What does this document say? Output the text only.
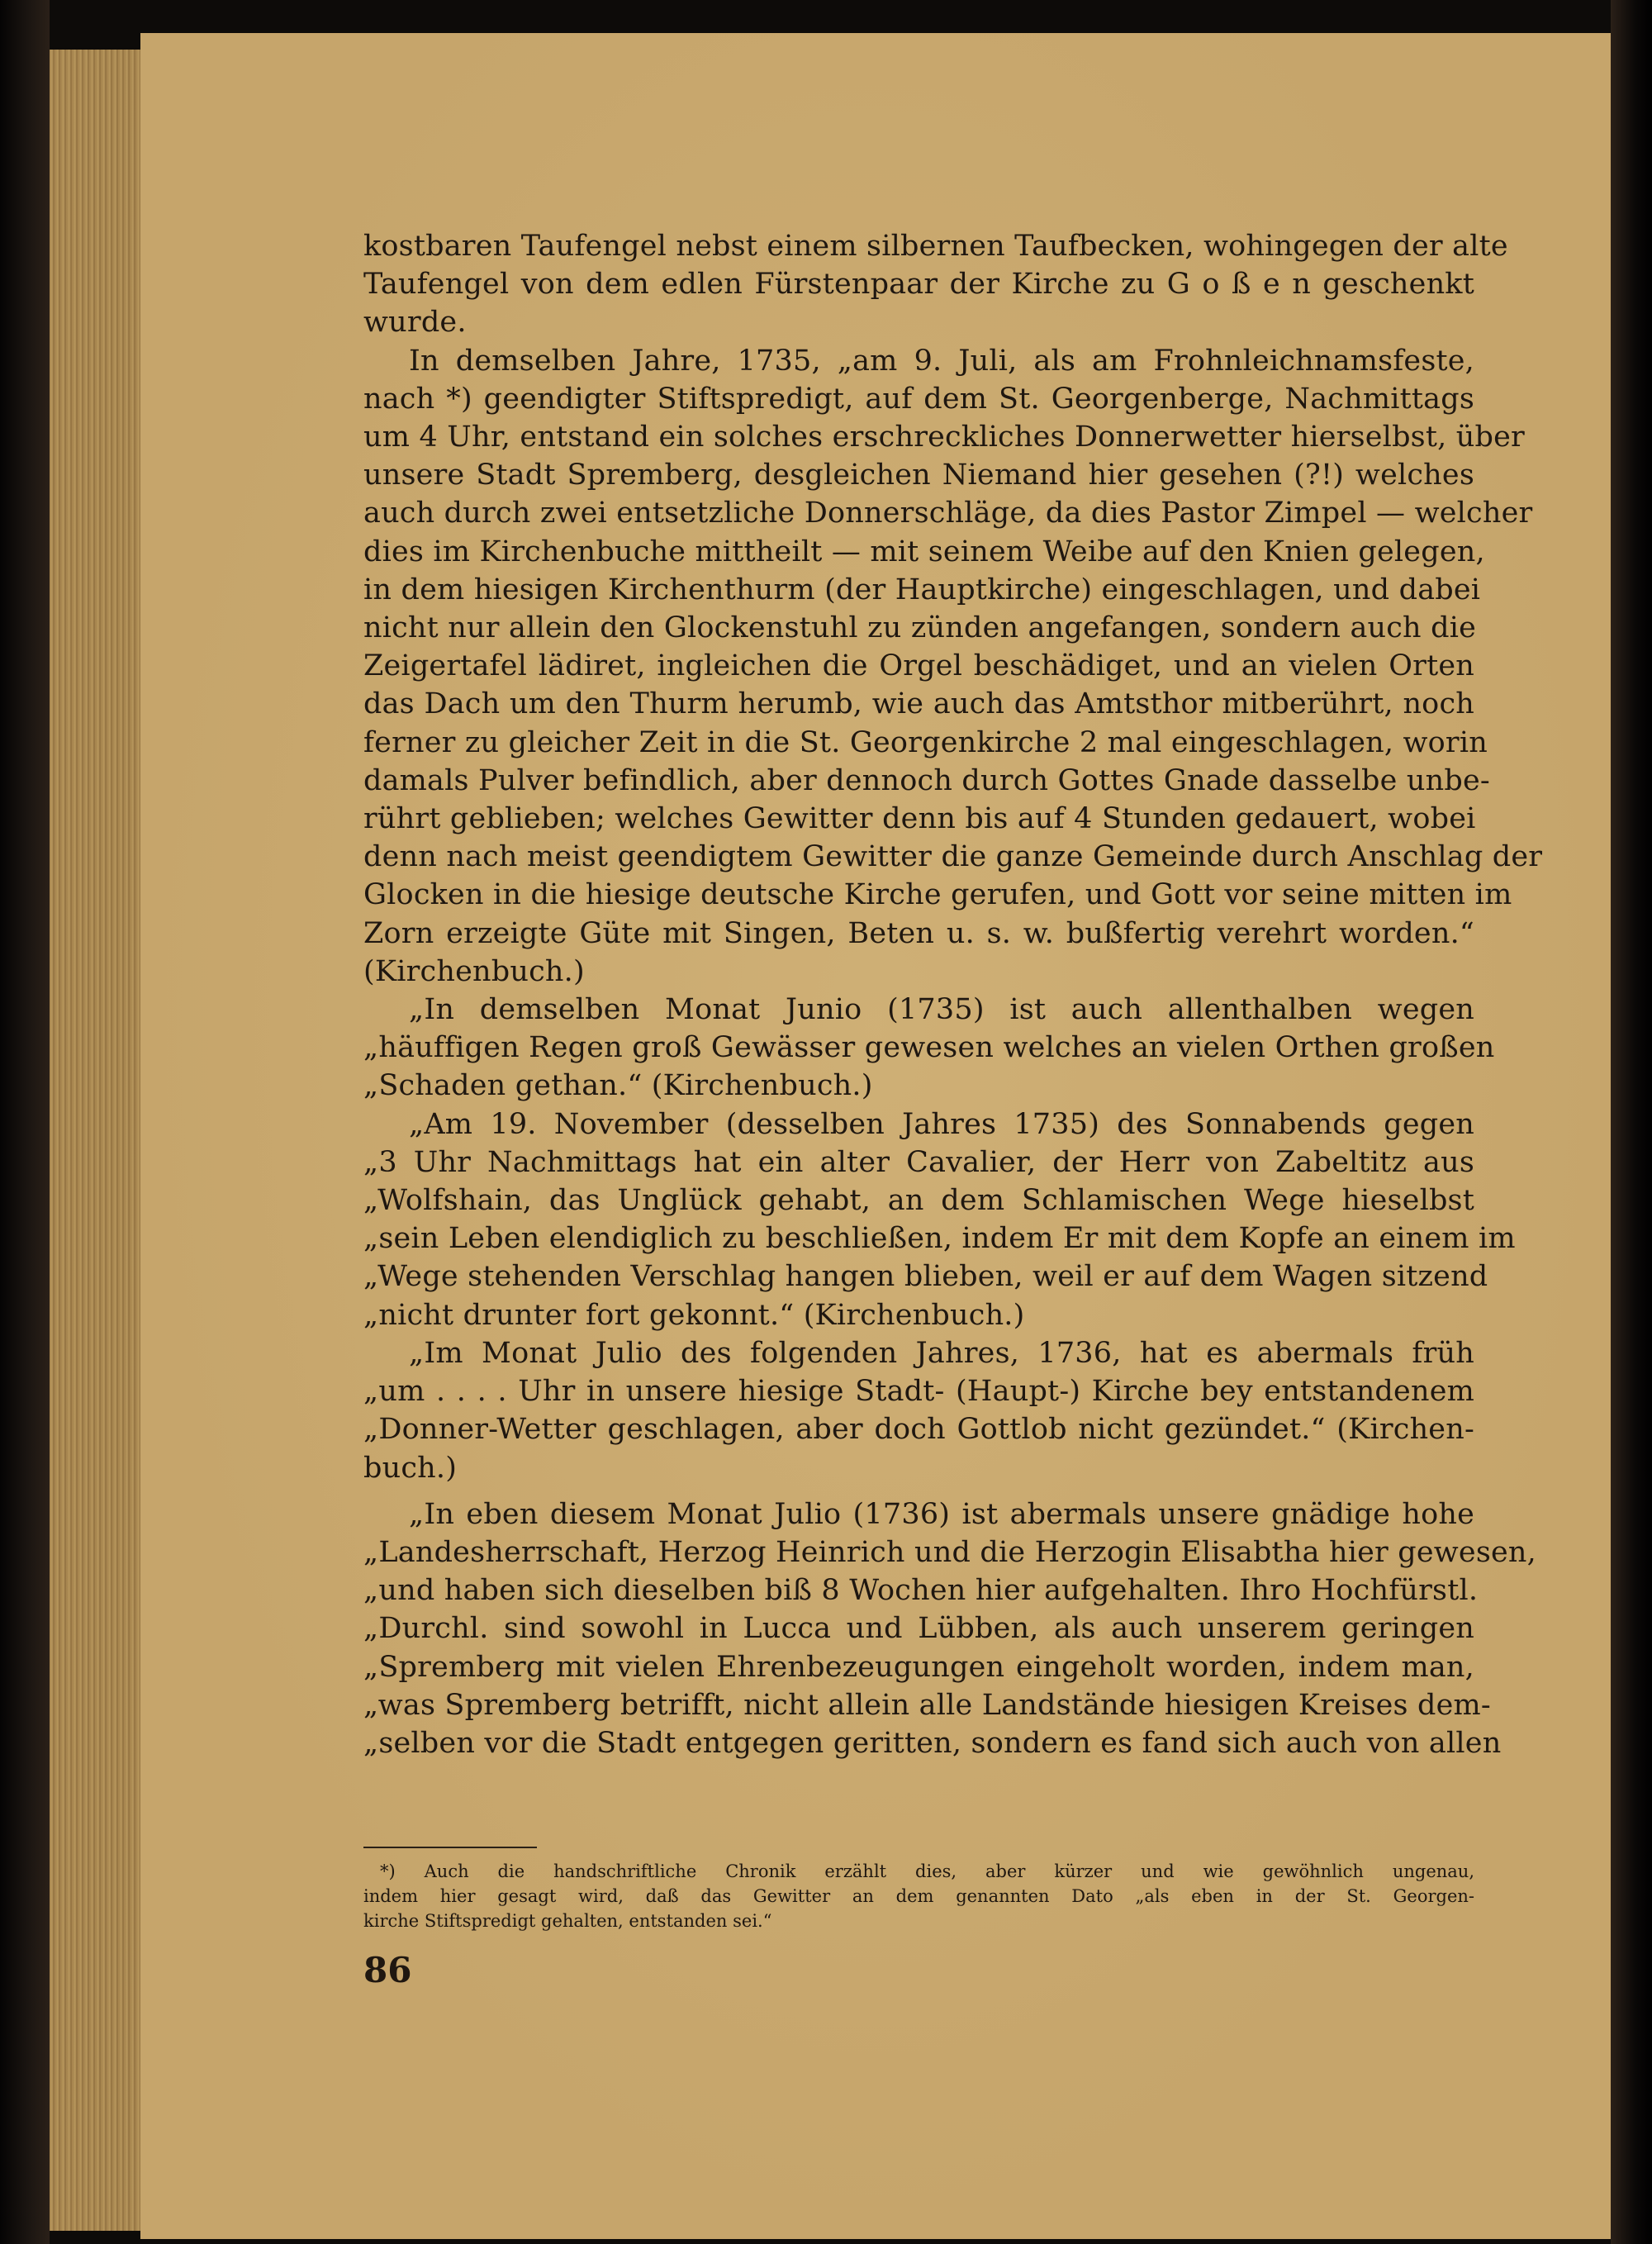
kostbaren Taufengel nebst einem silbernen Taufbecken, wohingegen der alte
Taufengel von dem edlen Fürstenpaar der Kirche zu G o ß e n geschenkt
wurde.
In demselben Jahre, 1735, „am 9. Juli, als am Frohnleichnamsfeste,
nach *) geendigter Stiftspredigt, auf dem St. Georgenberge, Nachmittags
um 4 Uhr, entstand ein solches erschreckliches Donnerwetter hierselbst, über
unsere Stadt Spremberg, desgleichen Niemand hier gesehen (?!) welches
auch durch zwei entsetzliche Donnerschläge, da dies Pastor Zimpel — welcher
dies im Kirchenbuche mittheilt — mit seinem Weibe auf den Knien gelegen,
in dem hiesigen Kirchenthurm (der Hauptkirche) eingeschlagen, und dabei
nicht nur allein den Glockenstuhl zu zünden angefangen, sondern auch die
Zeigertafel lädiret, ingleichen die Orgel beschädiget, und an vielen Orten
das Dach um den Thurm herumb, wie auch das Amtsthor mitberührt, noch
ferner zu gleicher Zeit in die St. Georgenkirche 2 mal eingeschlagen, worin
damals Pulver befindlich, aber dennoch durch Gottes Gnade dasselbe unbe-
rührt geblieben; welches Gewitter denn bis auf 4 Stunden gedauert, wobei
denn nach meist geendigtem Gewitter die ganze Gemeinde durch Anschlag der
Glocken in die hiesige deutsche Kirche gerufen, und Gott vor seine mitten im
Zorn erzeigte Güte mit Singen, Beten u. s. w. bußfertig verehrt worden.“
(Kirchenbuch.)
„In demselben Monat Junio (1735) ist auch allenthalben wegen
„häuffigen Regen groß Gewässer gewesen welches an vielen Orthen großen
„Schaden gethan.“ (Kirchenbuch.)
„Am 19. November (desselben Jahres 1735) des Sonnabends gegen
„3 Uhr Nachmittags hat ein alter Cavalier, der Herr von Zabeltitz aus
„Wolfshain, das Unglück gehabt, an dem Schlamischen Wege hieselbst
„sein Leben elendiglich zu beschließen, indem Er mit dem Kopfe an einem im
„Wege stehenden Verschlag hangen blieben, weil er auf dem Wagen sitzend
„nicht drunter fort gekonnt.“ (Kirchenbuch.)
„Im Monat Julio des folgenden Jahres, 1736, hat es abermals früh
„um . . . . Uhr in unsere hiesige Stadt- (Haupt-) Kirche bey entstandenem
„Donner-Wetter geschlagen, aber doch Gottlob nicht gezündet.“ (Kirchen-
buch.)
„In eben diesem Monat Julio (1736) ist abermals unsere gnädige hohe
„Landesherrschaft, Herzog Heinrich und die Herzogin Elisabtha hier gewesen,
„und haben sich dieselben biß 8 Wochen hier aufgehalten. Ihro Hochfürstl.
„Durchl. sind sowohl in Lucca und Lübben, als auch unserem geringen
„Spremberg mit vielen Ehrenbezeugungen eingeholt worden, indem man,
„was Spremberg betrifft, nicht allein alle Landstände hiesigen Kreises dem-
„selben vor die Stadt entgegen geritten, sondern es fand sich auch von allen
*) Auch die handschriftliche Chronik erzählt dies, aber kürzer und wie gewöhnlich ungenau,
indem hier gesagt wird, daß das Gewitter an dem genannten Dato „als eben in der St. Georgen-
kirche Stiftspredigt gehalten, entstanden sei.“
86
